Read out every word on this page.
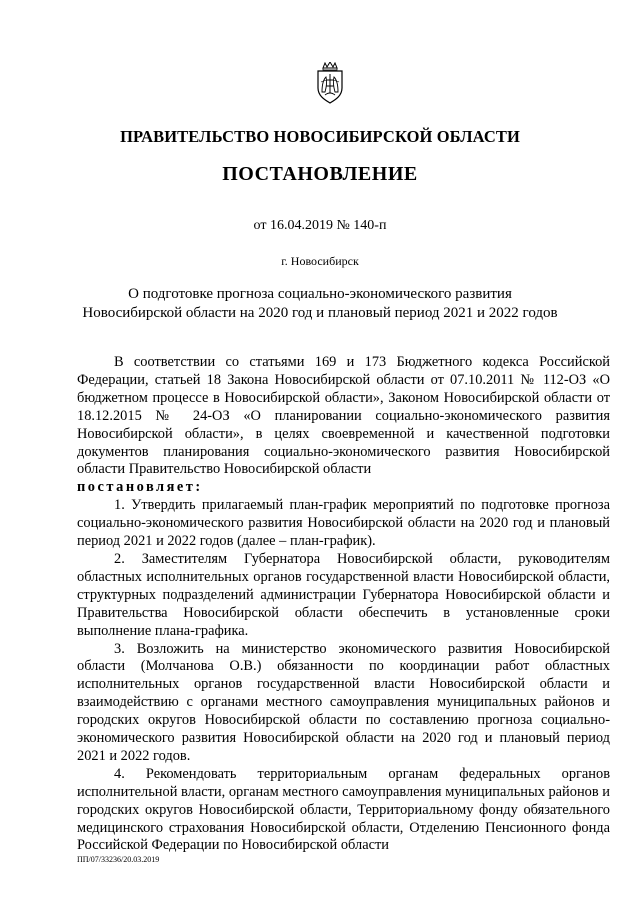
ПРАВИТЕЛЬСТВО НОВОСИБИРСКОЙ ОБЛАСТИ
ПОСТАНОВЛЕНИЕ
от 16.04.2019 № 140-п
г. Новосибирск
О подготовке прогноза социально-экономического развития
Новосибирской области на 2020 год и плановый период 2021 и 2022 годов

В соответствии со статьями 169 и 173 Бюджетного кодекса Российской Федерации, статьей 18 Закона Новосибирской области от 07.10.2011 № 112-ОЗ «О бюджетном процессе в Новосибирской области», Законом Новосибирской области от 18.12.2015 № 24-ОЗ «О планировании социально-экономического развития Новосибирской области», в целях своевременной и качественной подготовки документов планирования социально-экономического развития Новосибирской области Правительство Новосибирской области

постановляет:

1. Утвердить прилагаемый план-график мероприятий по подготовке прогноза социально-экономического развития Новосибирской области на 2020 год и плановый период 2021 и 2022 годов (далее – план-график).

2. Заместителям Губернатора Новосибирской области, руководителям областных исполнительных органов государственной власти Новосибирской области, структурных подразделений администрации Губернатора Новосибирской области и Правительства Новосибирской области обеспечить в установленные сроки выполнение плана-графика.

3. Возложить на министерство экономического развития Новосибирской области (Молчанова О.В.) обязанности по координации работ областных исполнительных органов государственной власти Новосибирской области и взаимодействию с органами местного самоуправления муниципальных районов и городских округов Новосибирской области по составлению прогноза социально-экономического развития Новосибирской области на 2020 год и плановый период 2021 и 2022 годов.

4. Рекомендовать территориальным органам федеральных органов исполнительной власти, органам местного самоуправления муниципальных районов и городских округов Новосибирской области, Территориальному фонду обязательного медицинского страхования Новосибирской области, Отделению Пенсионного фонда Российской Федерации по Новосибирской области

ПП/07/33236/20.03.2019
